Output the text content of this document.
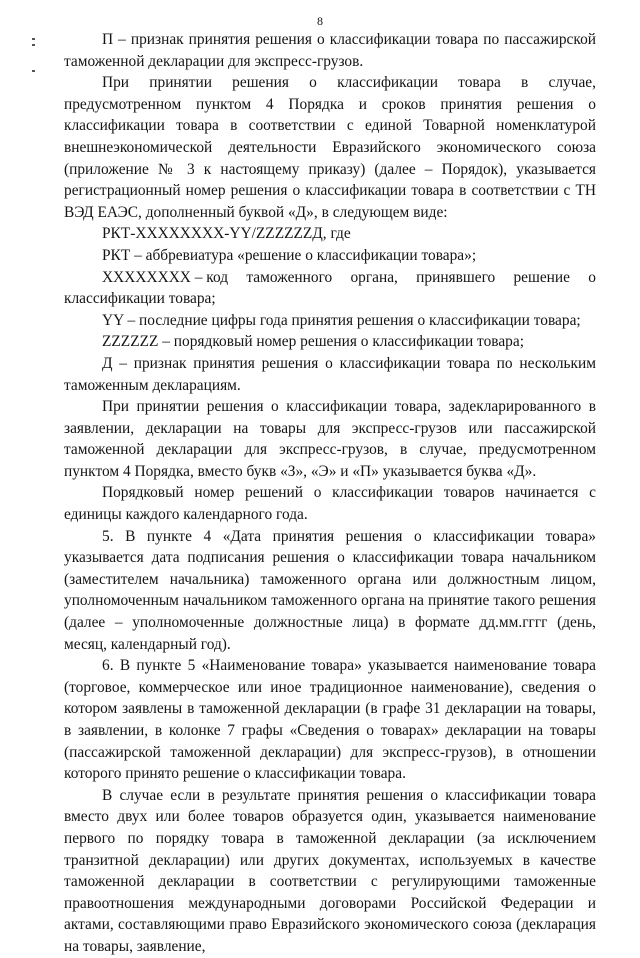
8

П – признак принятия решения о классификации товара по пассажирской таможенной декларации для экспресс-грузов.

При принятии решения о классификации товара в случае, предусмотренном пунктом 4 Порядка и сроков принятия решения о классификации товара в соответствии с единой Товарной номенклатурой внешнеэкономической деятельности Евразийского экономического союза (приложение № 3 к настоящему приказу) (далее – Порядок), указывается регистрационный номер решения о классификации товара в соответствии с ТН ВЭД ЕАЭС, дополненный буквой «Д», в следующем виде:

РКТ-XXXXXXXX-YY/ZZZZZZД, где

РКТ – аббревиатура «решение о классификации товара»;

XXXXXXXX – код таможенного органа, принявшего решение о

классификации товара;

YY – последние цифры года принятия решения о классификации товара;

ZZZZZZ – порядковый номер решения о классификации товара;

Д – признак принятия решения о классификации товара по нескольким таможенным декларациям.

При принятии решения о классификации товара, задекларированного в заявлении, декларации на товары для экспресс-грузов или пассажирской таможенной декларации для экспресс-грузов, в случае, предусмотренном пунктом 4 Порядка, вместо букв «З», «Э» и «П» указывается буква «Д».

Порядковый номер решений о классификации товаров начинается с единицы каждого календарного года.

5. В пункте 4 «Дата принятия решения о классификации товара» указывается дата подписания решения о классификации товара начальником (заместителем начальника) таможенного органа или должностным лицом, уполномоченным начальником таможенного органа на принятие такого решения (далее – уполномоченные должностные лица) в формате дд.мм.гггг (день, месяц, календарный год).

6. В пункте 5 «Наименование товара» указывается наименование товара (торговое, коммерческое или иное традиционное наименование), сведения о котором заявлены в таможенной декларации (в графе 31 декларации на товары, в заявлении, в колонке 7 графы «Сведения о товарах» декларации на товары (пассажирской таможенной декларации) для экспресс-грузов), в отношении которого принято решение о классификации товара.

В случае если в результате принятия решения о классификации товара вместо двух или более товаров образуется один, указывается наименование первого по порядку товара в таможенной декларации (за исключением транзитной декларации) или других документах, используемых в качестве таможенной декларации в соответствии с регулирующими таможенные правоотношения международными договорами Российской Федерации и актами, составляющими право Евразийского экономического союза (декларация на товары, заявление,
